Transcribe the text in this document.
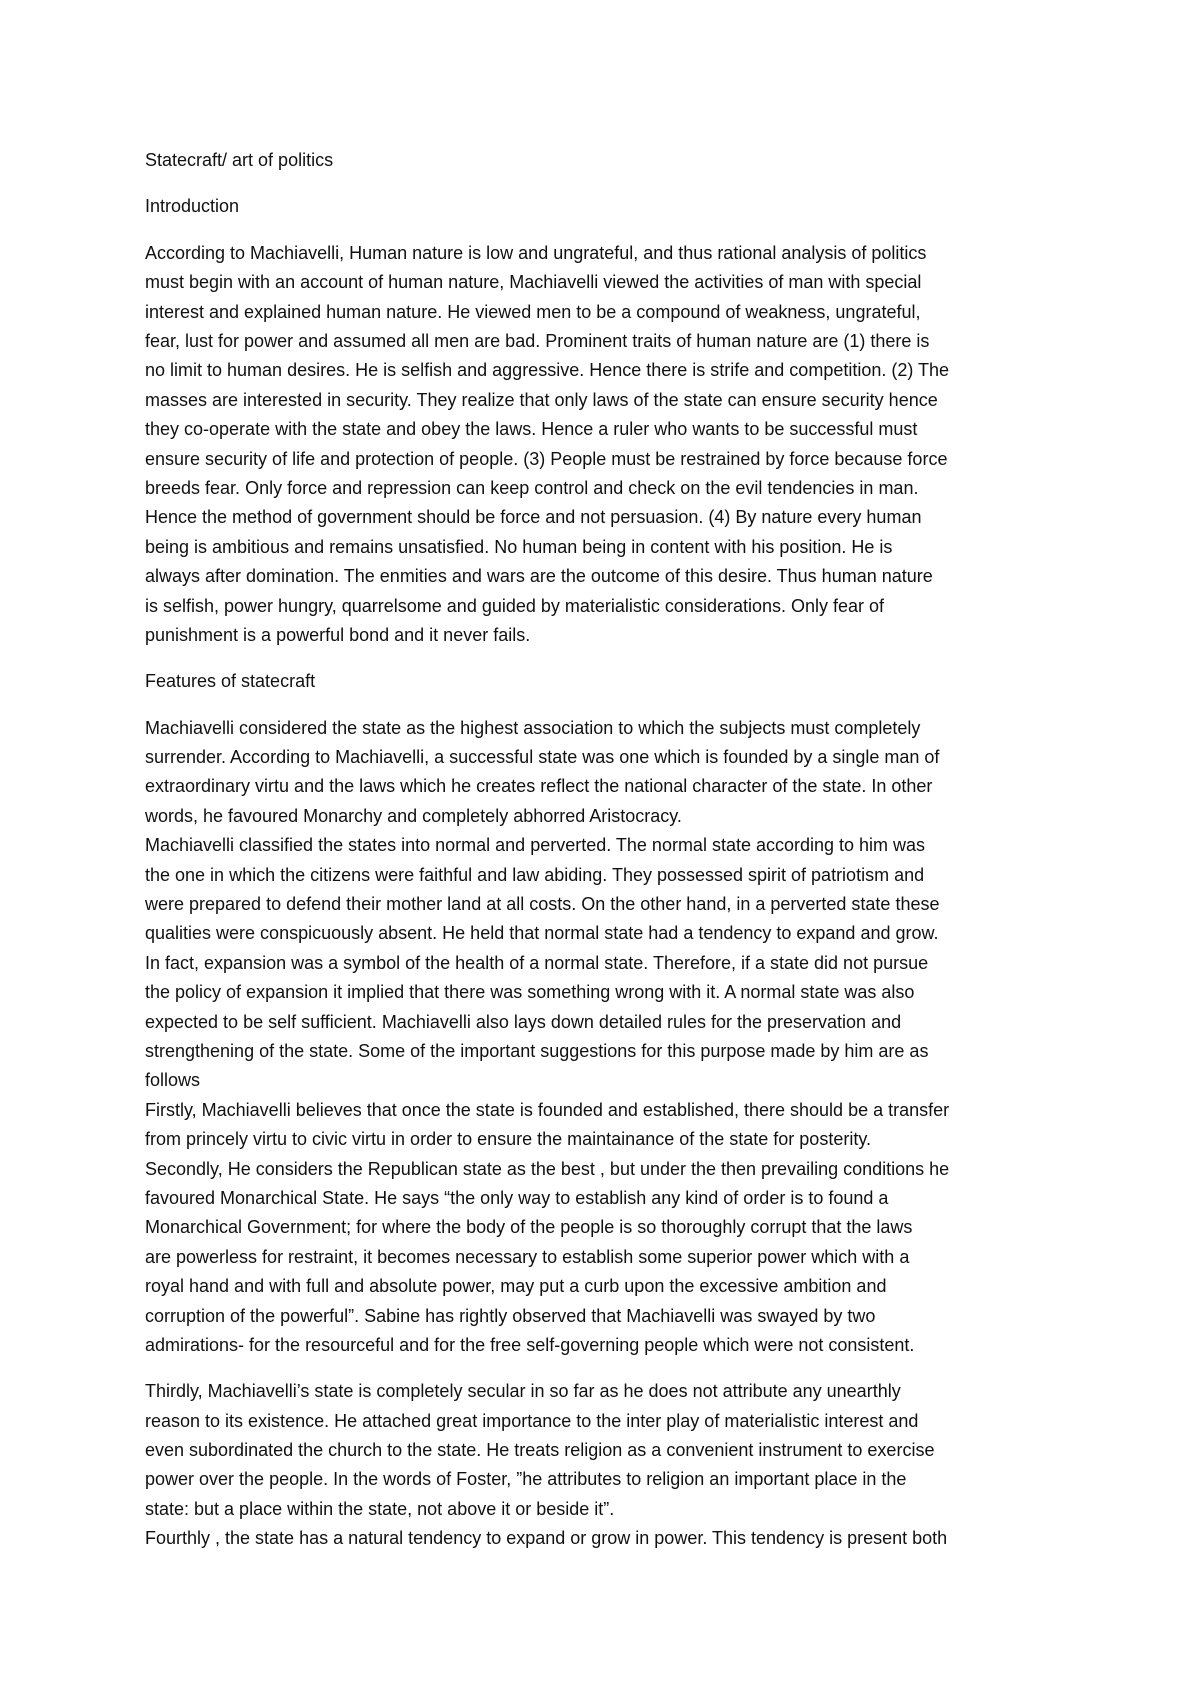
Statecraft/ art of politics
Introduction
According to Machiavelli, Human nature is low and ungrateful, and thus rational analysis of politics
must begin with an account of human nature, Machiavelli viewed the activities of man with special
interest and explained human nature. He viewed men to be a compound of weakness, ungrateful,
fear, lust for power and assumed all men are bad. Prominent traits of human nature are (1) there is
no limit to human desires. He is selfish and aggressive. Hence there is strife and competition. (2) The
masses are interested in security. They realize that only laws of the state can ensure security hence
they co-operate with the state and obey the laws. Hence a ruler who wants to be successful must
ensure security of life and protection of people. (3) People must be restrained by force because force
breeds fear. Only force and repression can keep control and check on the evil tendencies in man.
Hence the method of government should be force and not persuasion. (4) By nature every human
being is ambitious and remains unsatisfied. No human being in content with his position. He is
always after domination. The enmities and wars are the outcome of this desire. Thus human nature
is selfish, power hungry, quarrelsome and guided by materialistic considerations. Only fear of
punishment is a powerful bond and it never fails.
Features of statecraft
Machiavelli considered the state as the highest association to which the subjects must completely
surrender. According to Machiavelli, a successful state was one which is founded by a single man of
extraordinary virtu and the laws which he creates reflect the national character of the state. In other
words, he favoured Monarchy and completely abhorred Aristocracy.
Machiavelli classified the states into normal and perverted. The normal state according to him was
the one in which the citizens were faithful and law abiding. They possessed spirit of patriotism and
were prepared to defend their mother land at all costs. On the other hand, in a perverted state these
qualities were conspicuously absent. He held that normal state had a tendency to expand and grow.
In fact, expansion was a symbol of the health of a normal state. Therefore, if a state did not pursue
the policy of expansion it implied that there was something wrong with it. A normal state was also
expected to be self sufficient. Machiavelli also lays down detailed rules for the preservation and
strengthening of the state. Some of the important suggestions for this purpose made by him are as
follows
Firstly, Machiavelli believes that once the state is founded and established, there should be a transfer
from princely virtu to civic virtu in order to ensure the maintainance of the state for posterity.
Secondly, He considers the Republican state as the best , but under the then prevailing conditions he
favoured Monarchical State. He says “the only way to establish any kind of order is to found a
Monarchical Government; for where the body of the people is so thoroughly corrupt that the laws
are powerless for restraint, it becomes necessary to establish some superior power which with a
royal hand and with full and absolute power, may put a curb upon the excessive ambition and
corruption of the powerful”. Sabine has rightly observed that Machiavelli was swayed by two
admirations- for the resourceful and for the free self-governing people which were not consistent.
Thirdly, Machiavelli’s state is completely secular in so far as he does not attribute any unearthly
reason to its existence. He attached great importance to the inter play of materialistic interest and
even subordinated the church to the state. He treats religion as a convenient instrument to exercise
power over the people. In the words of Foster, ”he attributes to religion an important place in the
state: but a place within the state, not above it or beside it”.
Fourthly , the state has a natural tendency to expand or grow in power. This tendency is present both
